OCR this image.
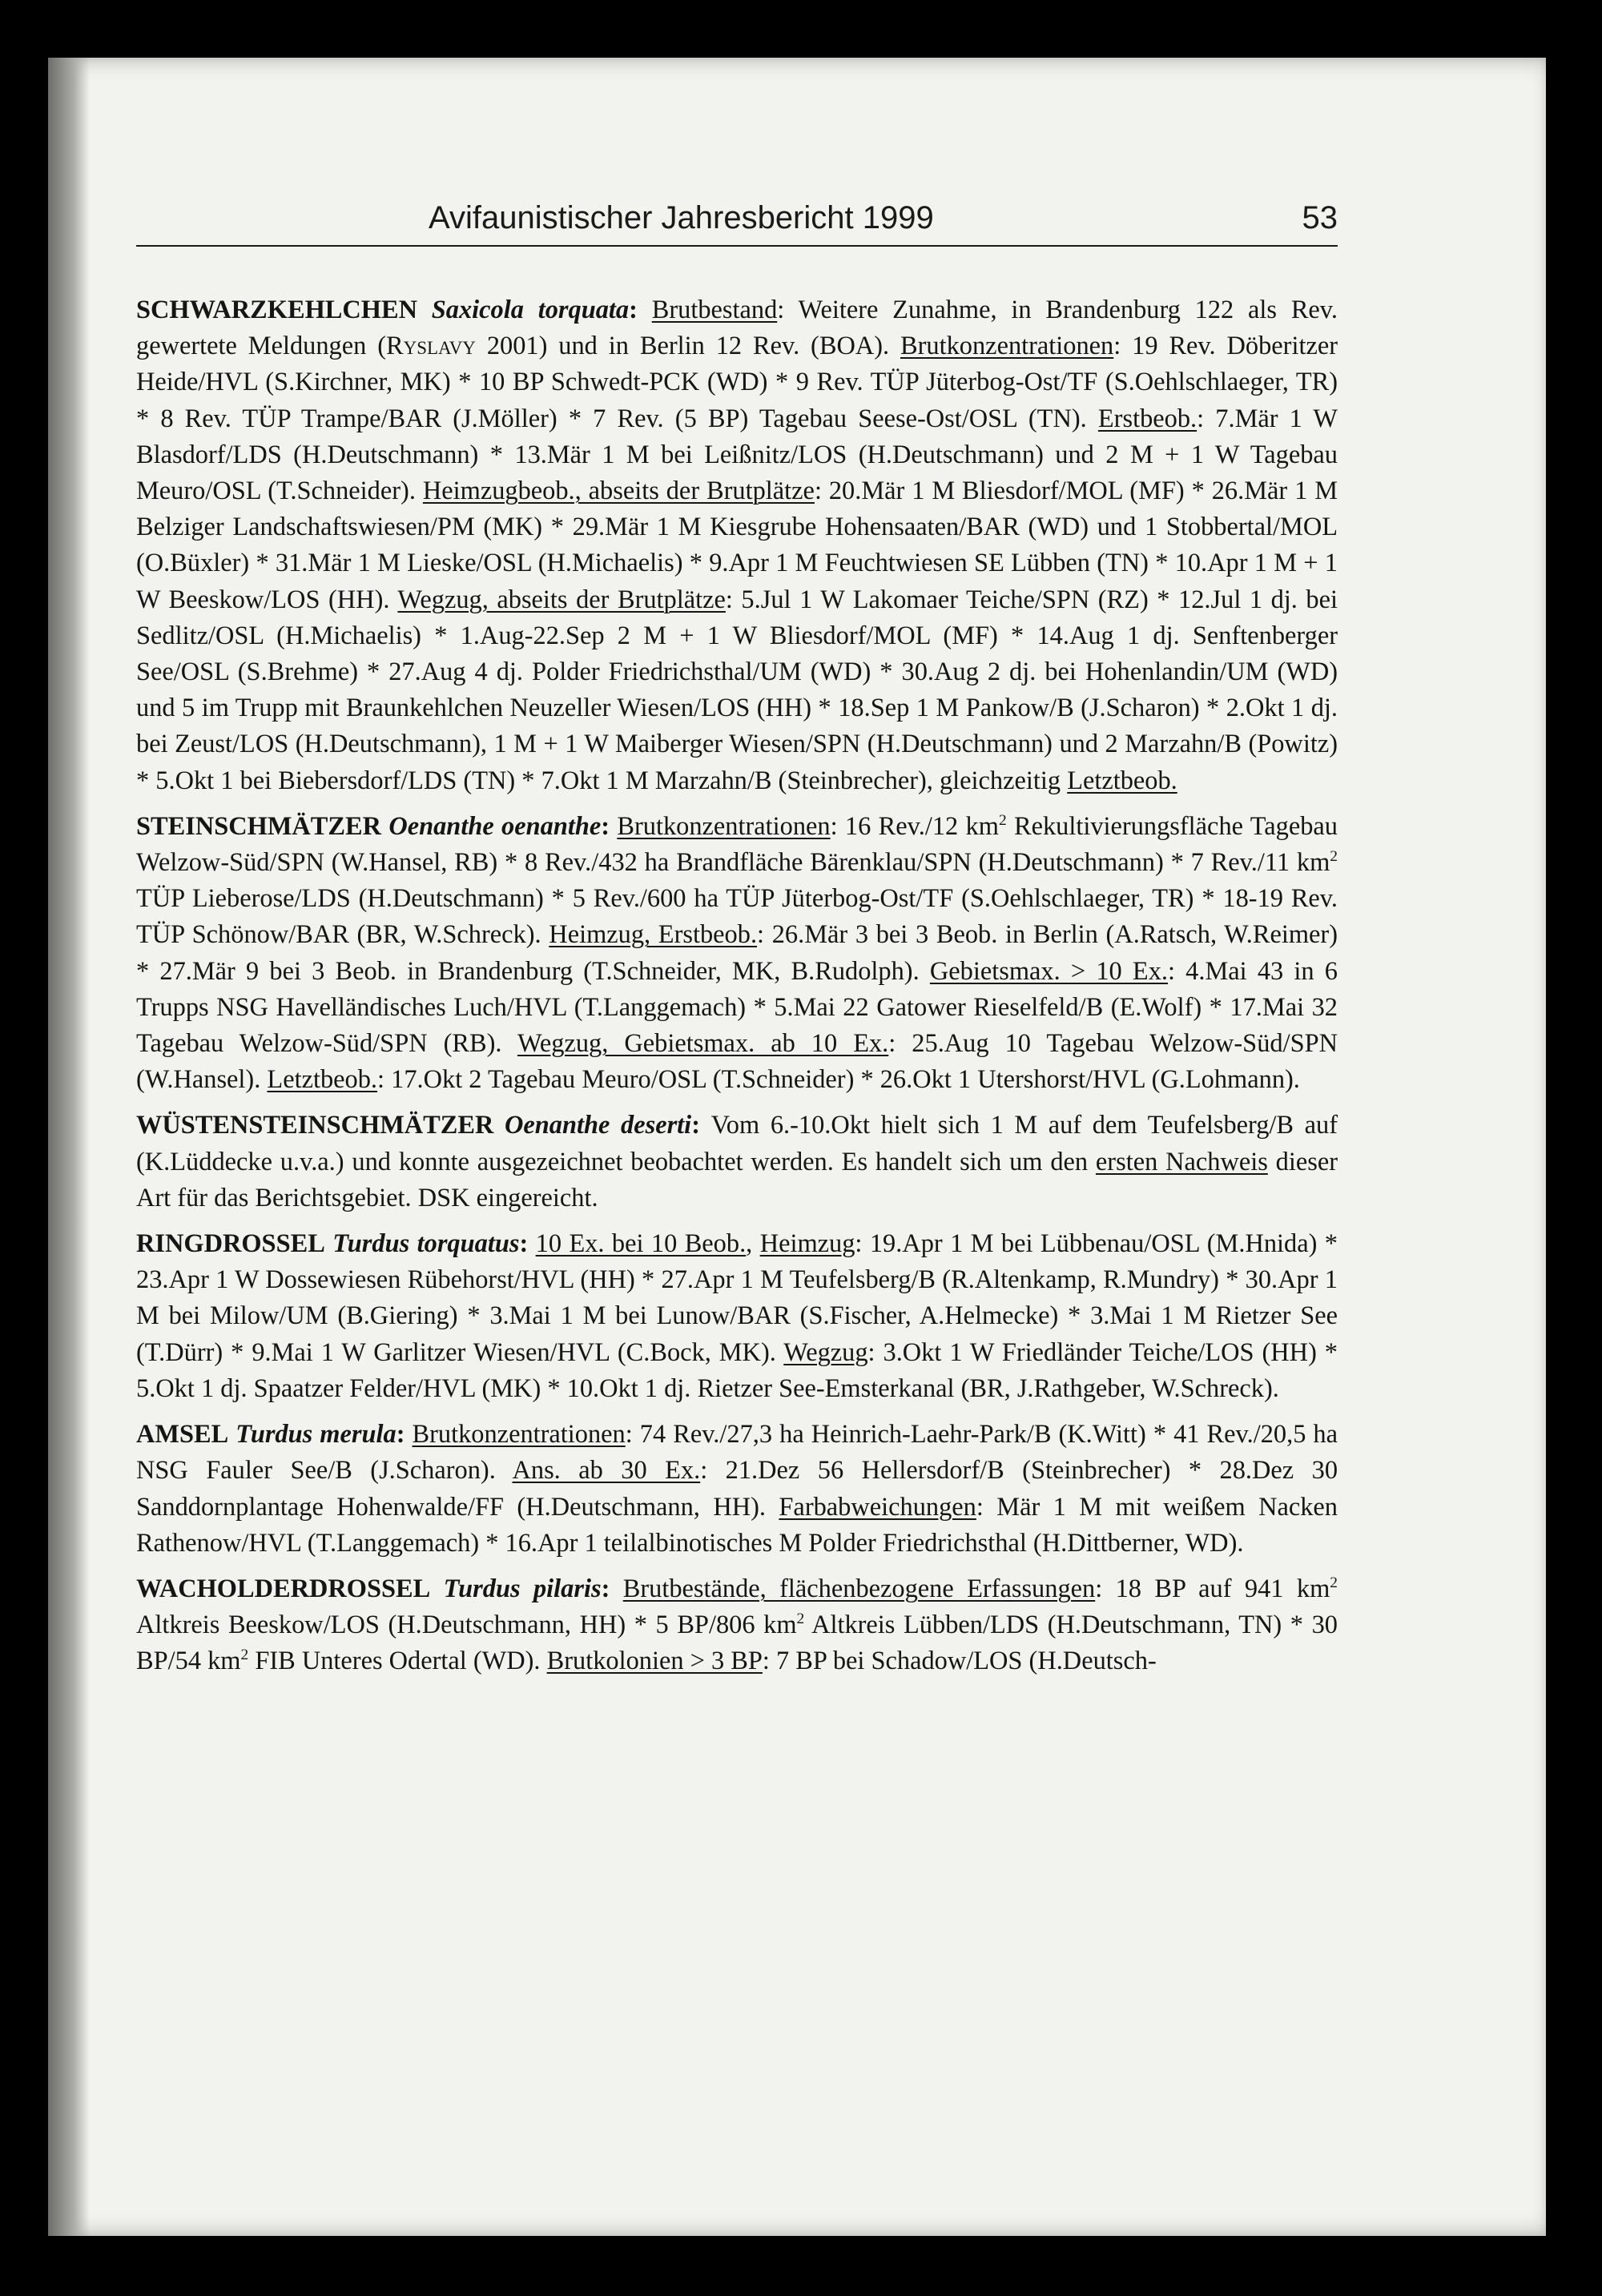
Avifaunistischer Jahresbericht 1999	53

SCHWARZKEHLCHEN Saxicola torquata: Brutbestand: Weitere Zunahme, in Brandenburg 122 als Rev. gewertete Meldungen (Ryslavy 2001) und in Berlin 12 Rev. (BOA). Brutkonzentrationen: 19 Rev. Döberitzer Heide/HVL (S.Kirchner, MK) * 10 BP Schwedt-PCK (WD) * 9 Rev. TÜP Jüterbog-Ost/TF (S.Oehlschlaeger, TR) * 8 Rev. TÜP Trampe/BAR (J.Möller) * 7 Rev. (5 BP) Tagebau Seese-Ost/OSL (TN). Erstbeob.: 7.Mär 1 W Blasdorf/LDS (H.Deutschmann) * 13.Mär 1 M bei Leißnitz/LOS (H.Deutschmann) und 2 M + 1 W Tagebau Meuro/OSL (T.Schneider). Heimzugbeob., abseits der Brutplätze: 20.Mär 1 M Bliesdorf/MOL (MF) * 26.Mär 1 M Belziger Landschaftswiesen/PM (MK) * 29.Mär 1 M Kiesgrube Hohensaaten/BAR (WD) und 1 Stobbertal/MOL (O.Büxler) * 31.Mär 1 M Lieske/OSL (H.Michaelis) * 9.Apr 1 M Feuchtwiesen SE Lübben (TN) * 10.Apr 1 M + 1 W Beeskow/LOS (HH). Wegzug, abseits der Brutplätze: 5.Jul 1 W Lakomaer Teiche/SPN (RZ) * 12.Jul 1 dj. bei Sedlitz/OSL (H.Michaelis) * 1.Aug-22.Sep 2 M + 1 W Bliesdorf/MOL (MF) * 14.Aug 1 dj. Senftenberger See/OSL (S.Brehme) * 27.Aug 4 dj. Polder Friedrichsthal/UM (WD) * 30.Aug 2 dj. bei Hohenlandin/UM (WD) und 5 im Trupp mit Braunkehlchen Neuzeller Wiesen/LOS (HH) * 18.Sep 1 M Pankow/B (J.Scharon) * 2.Okt 1 dj. bei Zeust/LOS (H.Deutschmann), 1 M + 1 W Maiberger Wiesen/SPN (H.Deutschmann) und 2 Marzahn/B (Powitz) * 5.Okt 1 bei Biebersdorf/LDS (TN) * 7.Okt 1 M Marzahn/B (Steinbrecher), gleichzeitig Letztbeob.

STEINSCHMÄTZER Oenanthe oenanthe: Brutkonzentrationen: 16 Rev./12 $km^2$ Rekultivierungsfläche Tagebau Welzow-Süd/SPN (W.Hansel, RB) * 8 Rev./432 ha Brandfläche Bärenklau/SPN (H.Deutschmann) * 7 Rev./11 $km^2$ TÜP Lieberose/LDS (H.Deutschmann) * 5 Rev./600 ha TÜP Jüterbog-Ost/TF (S.Oehlschlaeger, TR) * 18-19 Rev. TÜP Schönow/BAR (BR, W.Schreck). Heimzug, Erstbeob.: 26.Mär 3 bei 3 Beob. in Berlin (A.Ratsch, W.Reimer) * 27.Mär 9 bei 3 Beob. in Brandenburg (T.Schneider, MK, B.Rudolph). Gebietsmax. > 10 Ex.: 4.Mai 43 in 6 Trupps NSG Havelländisches Luch/HVL (T.Langgemach) * 5.Mai 22 Gatower Rieselfeld/B (E.Wolf) * 17.Mai 32 Tagebau Welzow-Süd/SPN (RB). Wegzug, Gebietsmax. ab 10 Ex.: 25.Aug 10 Tagebau Welzow-Süd/SPN (W.Hansel). Letztbeob.: 17.Okt 2 Tagebau Meuro/OSL (T.Schneider) * 26.Okt 1 Utershorst/HVL (G.Lohmann).

WÜSTENSTEINSCHMÄTZER Oenanthe deserti: Vom 6.-10.Okt hielt sich 1 M auf dem Teufelsberg/B auf (K.Lüddecke u.v.a.) und konnte ausgezeichnet beobachtet werden. Es handelt sich um den ersten Nachweis dieser Art für das Berichtsgebiet. DSK eingereicht.

RINGDROSSEL Turdus torquatus: 10 Ex. bei 10 Beob., Heimzug: 19.Apr 1 M bei Lübbenau/OSL (M.Hnida) * 23.Apr 1 W Dossewiesen Rübehorst/HVL (HH) * 27.Apr 1 M Teufelsberg/B (R.Altenkamp, R.Mundry) * 30.Apr 1 M bei Milow/UM (B.Giering) * 3.Mai 1 M bei Lunow/BAR (S.Fischer, A.Helmecke) * 3.Mai 1 M Rietzer See (T.Dürr) * 9.Mai 1 W Garlitzer Wiesen/HVL (C.Bock, MK). Wegzug: 3.Okt 1 W Friedländer Teiche/LOS (HH) * 5.Okt 1 dj. Spaatzer Felder/HVL (MK) * 10.Okt 1 dj. Rietzer See-Emsterkanal (BR, J.Rathgeber, W.Schreck).

AMSEL Turdus merula: Brutkonzentrationen: 74 Rev./27,3 ha Heinrich-Laehr-Park/B (K.Witt) * 41 Rev./20,5 ha NSG Fauler See/B (J.Scharon). Ans. ab 30 Ex.: 21.Dez 56 Hellersdorf/B (Steinbrecher) * 28.Dez 30 Sanddornplantage Hohenwalde/FF (H.Deutschmann, HH). Farbabweichungen: Mär 1 M mit weißem Nacken Rathenow/HVL (T.Langgemach) * 16.Apr 1 teilalbinotisches M Polder Friedrichsthal (H.Dittberner, WD).

WACHOLDERDROSSEL Turdus pilaris: Brutbestände, flächenbezogene Erfassungen: 18 BP auf 941 $km^2$ Altkreis Beeskow/LOS (H.Deutschmann, HH) * 5 BP/806 $km^2$ Altkreis Lübben/LDS (H.Deutschmann, TN) * 30 BP/54 $km^2$ FIB Unteres Odertal (WD). Brutkolonien > 3 BP: 7 BP bei Schadow/LOS (H.Deutsch-
